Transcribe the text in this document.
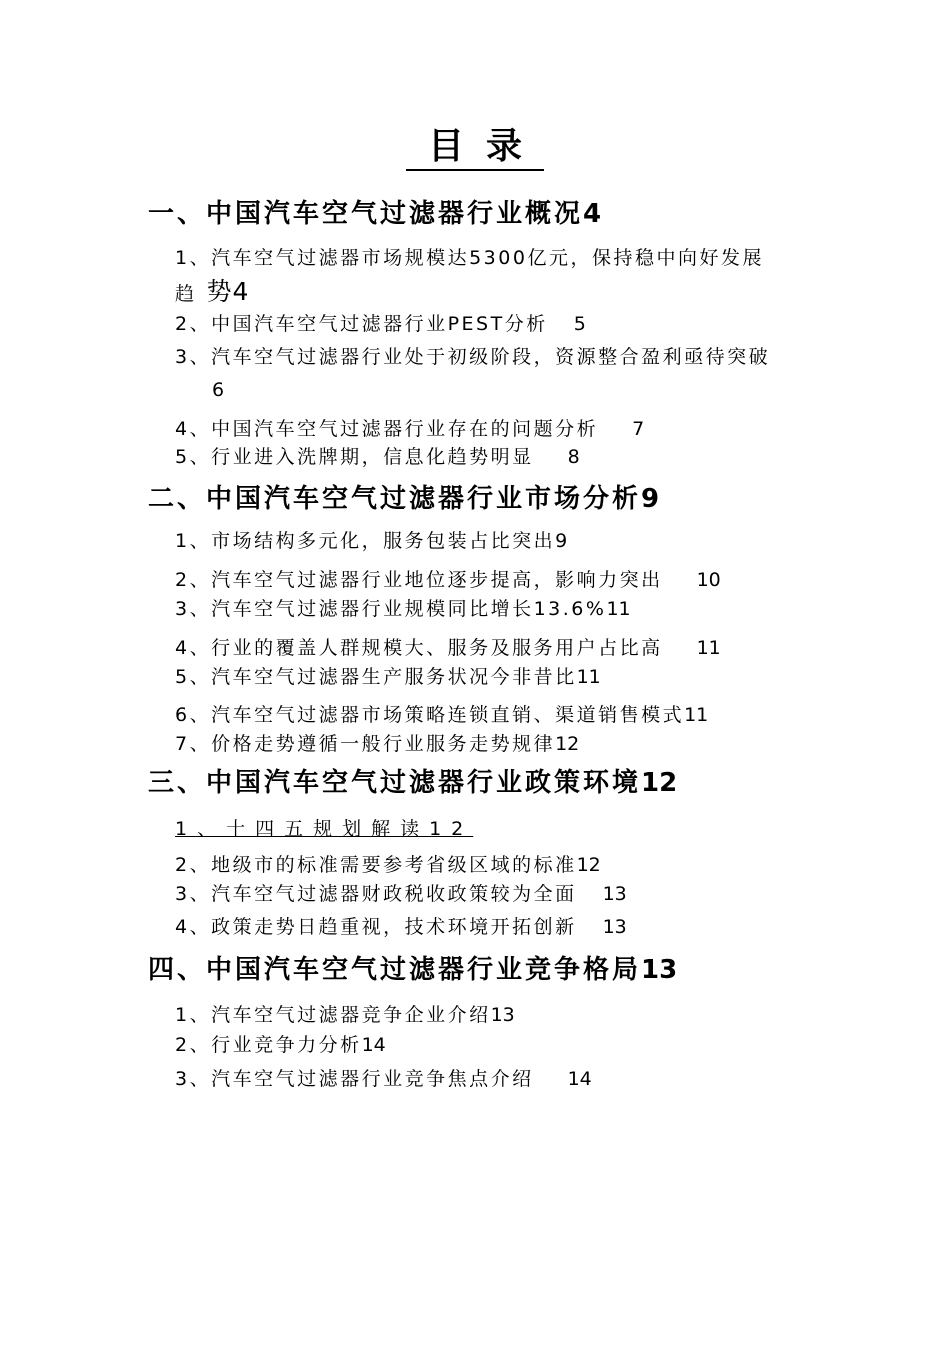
目录
一、中国汽车空气过滤器行业概况4
1、汽车空气过滤器市场规模达5300亿元，保持稳中向好发展
趋 势4
2、中国汽车空气过滤器行业PEST分析 5
3、汽车空气过滤器行业处于初级阶段，资源整合盈利亟待突破
6
4、中国汽车空气过滤器行业存在的问题分析 7
5、行业进入洗牌期，信息化趋势明显 8
二、中国汽车空气过滤器行业市场分析9
1、市场结构多元化，服务包装占比突出9
2、汽车空气过滤器行业地位逐步提高，影响力突出 10
3、汽车空气过滤器行业规模同比增长13.6%11
4、行业的覆盖人群规模大、服务及服务用户占比高 11
5、汽车空气过滤器生产服务状况今非昔比11
6、汽车空气过滤器市场策略连锁直销、渠道销售模式11
7、价格走势遵循一般行业服务走势规律12
三、中国汽车空气过滤器行业政策环境12
1、十四五规划解读12
2、地级市的标准需要参考省级区域的标准12
3、汽车空气过滤器财政税收政策较为全面 13
4、政策走势日趋重视，技术环境开拓创新 13
四、中国汽车空气过滤器行业竞争格局13
1、汽车空气过滤器竞争企业介绍13
2、行业竞争力分析14
3、汽车空气过滤器行业竞争焦点介绍 14
